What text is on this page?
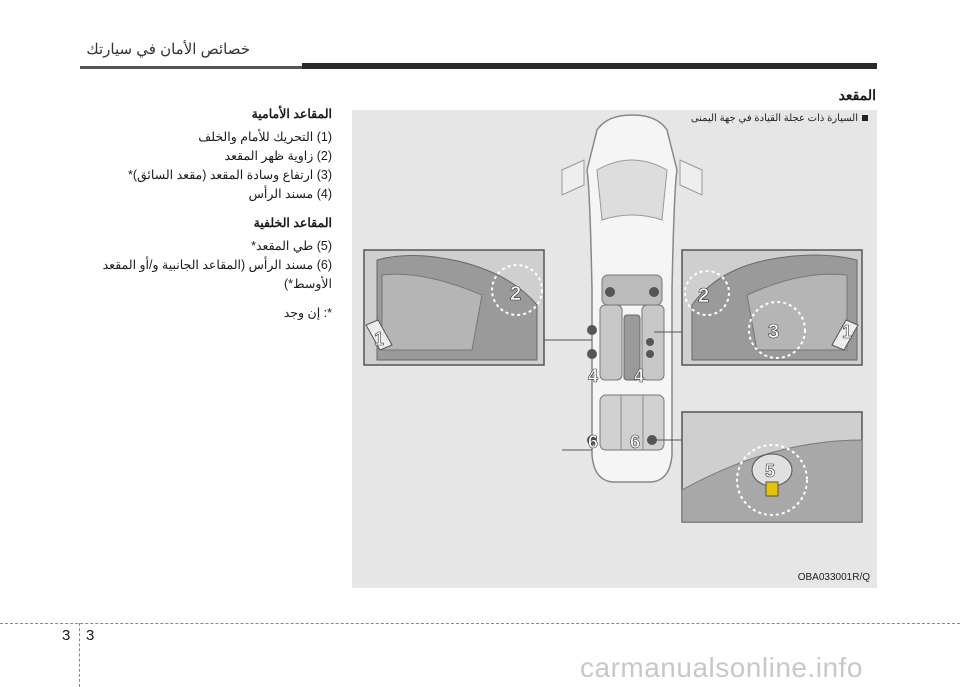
خصائص الأمان في سيارتك
المقعد
4 4
6 6
2
1
2
3	1
5
السيارة ذات عجلة القيادة في جهة اليمنى
OBA033001R/Q
المقاعد الأمامية
(1) التحريك للأمام والخلف
(2) زاوية ظهر المقعد
(3) ارتفاع وسادة المقعد (مقعد السائق)*
(4) مسند الرأس
المقاعد الخلفية
(5) طي المقعد*
(6) مسند الرأس (المقاعد الجانبية و/أو المقعد
الأوسط*)
*: إن وجد
3 3
carmanualsonline.info
